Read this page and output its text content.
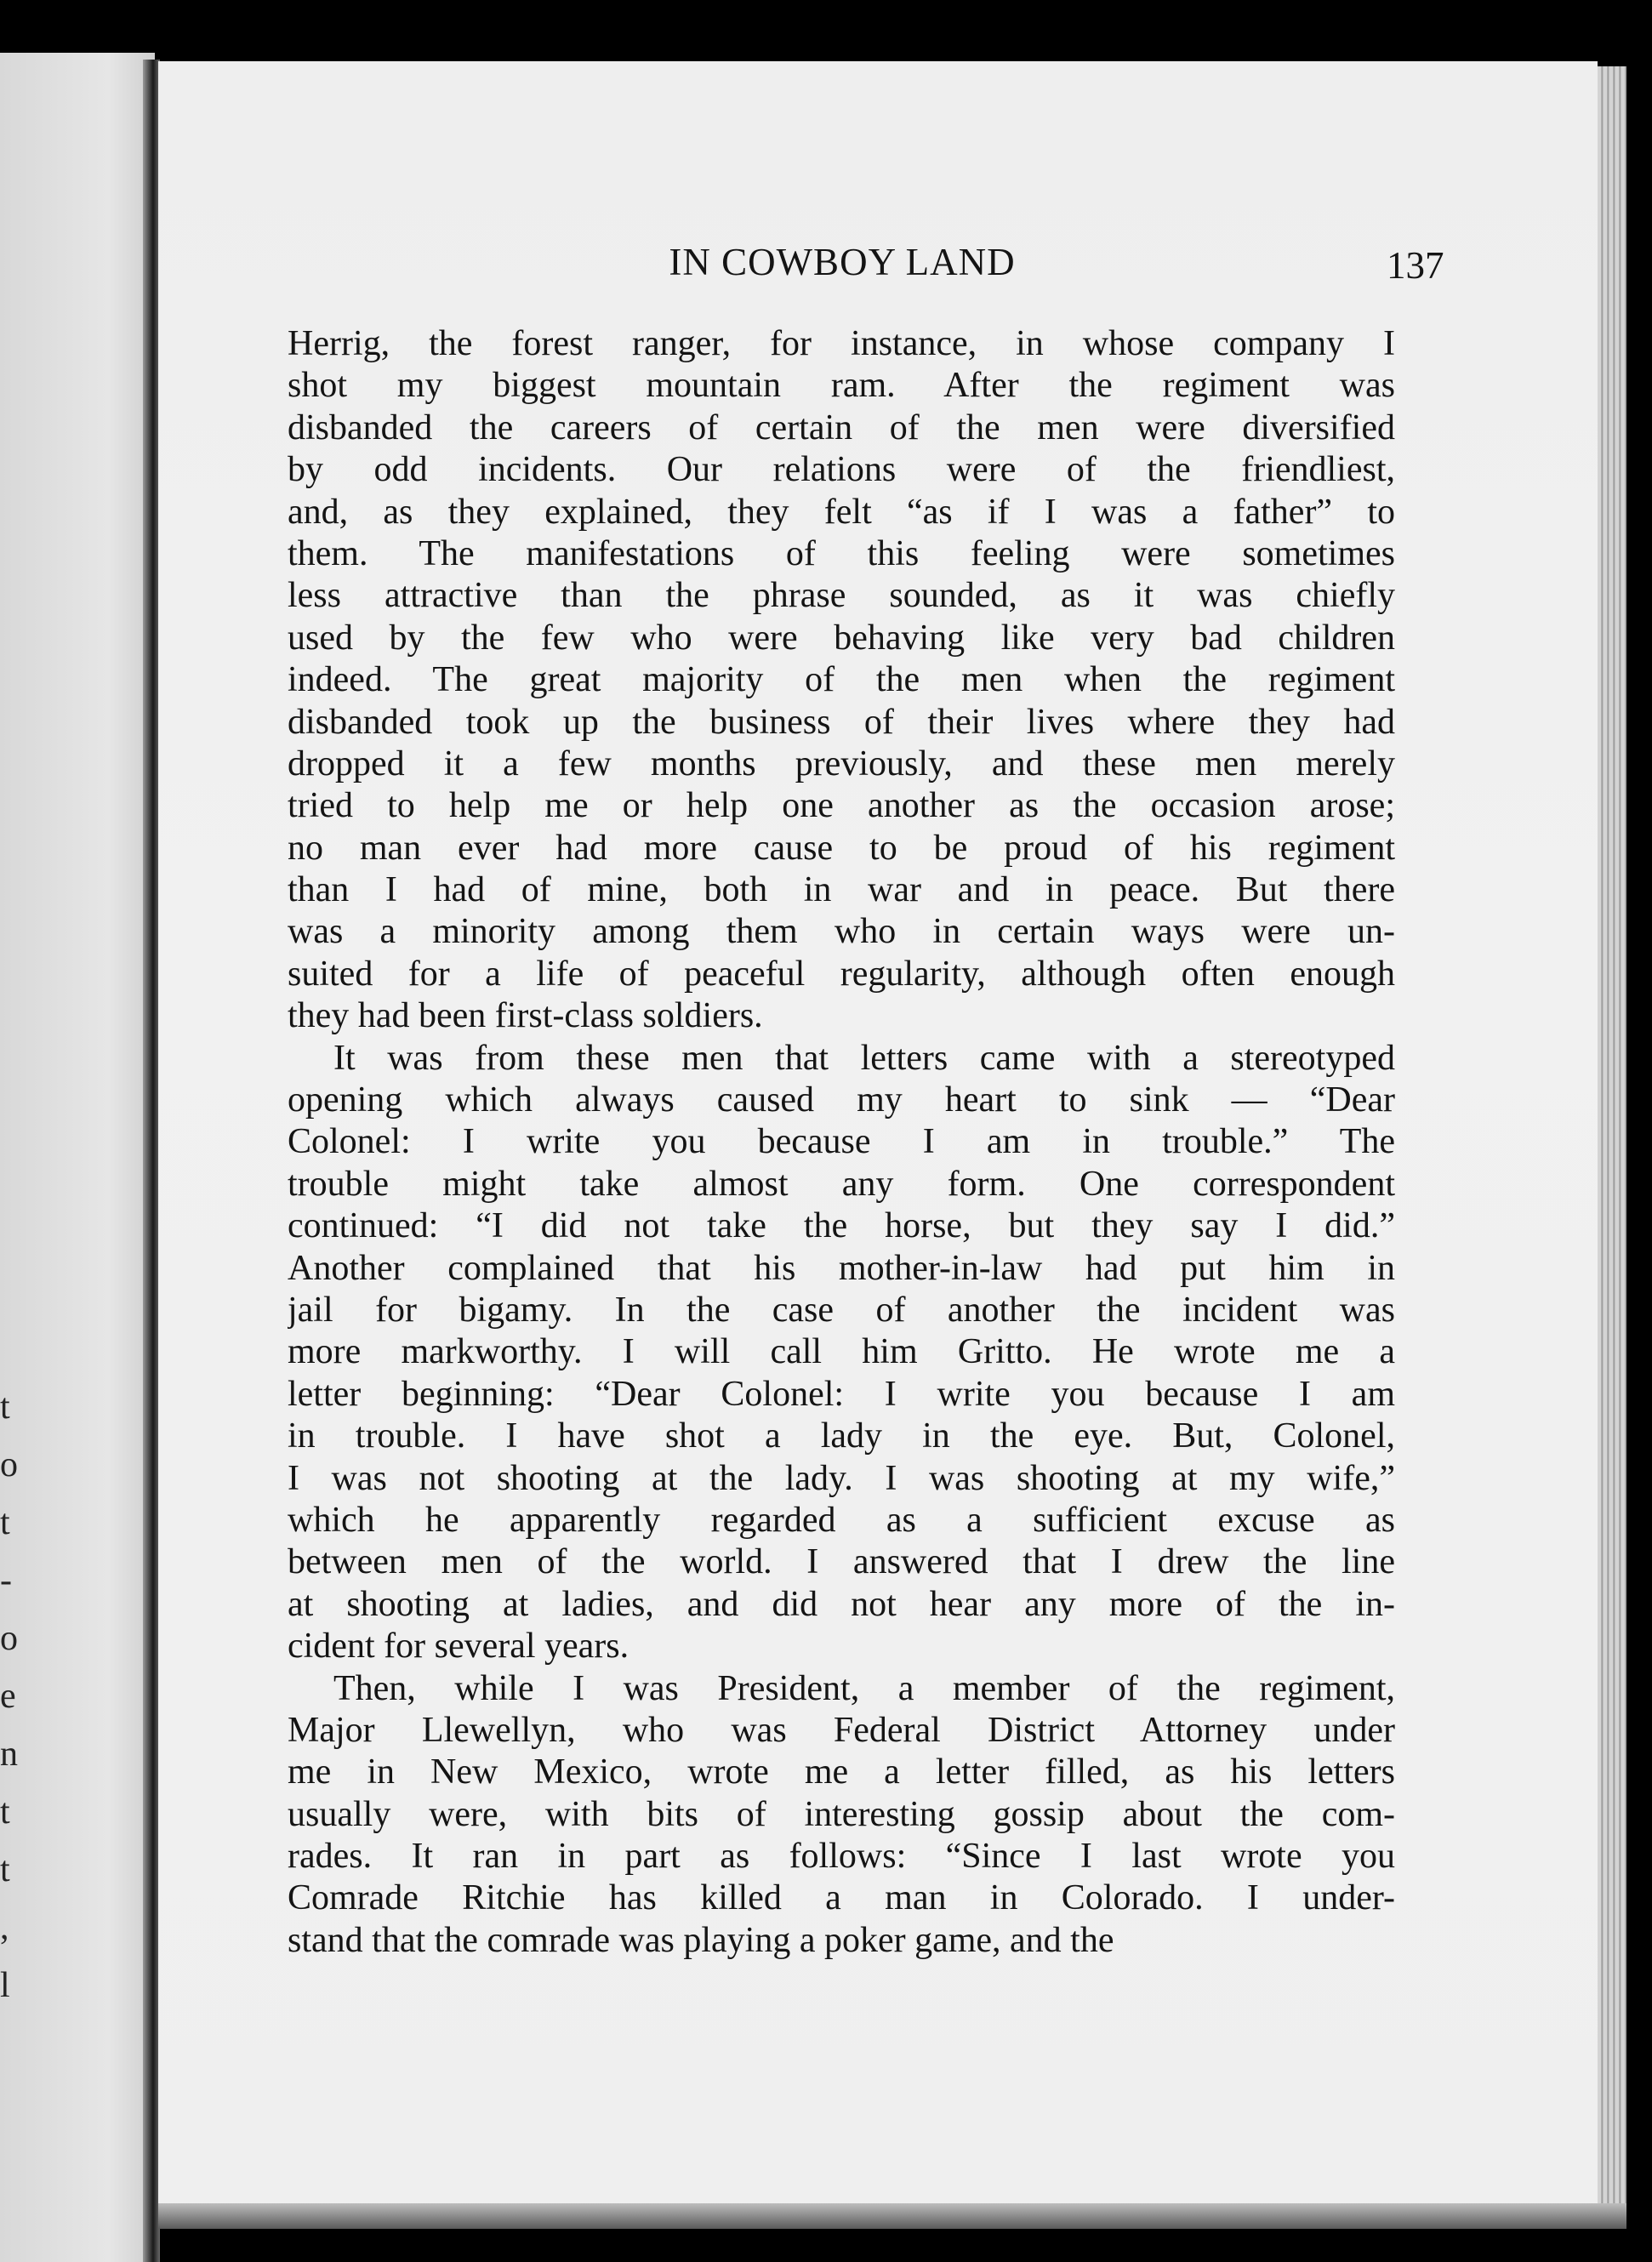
t
o
t
-
o
e
n
t
t
,
l
IN COWBOY LAND	137
Herrig, the forest ranger, for instance, in whose company I
shot my biggest mountain ram. After the regiment was
disbanded the careers of certain of the men were diversified
by odd incidents. Our relations were of the friendliest,
and, as they explained, they felt “as if I was a father” to
them. The manifestations of this feeling were sometimes
less attractive than the phrase sounded, as it was chiefly
used by the few who were behaving like very bad children
indeed. The great majority of the men when the regiment
disbanded took up the business of their lives where they had
dropped it a few months previously, and these men merely
tried to help me or help one another as the occasion arose;
no man ever had more cause to be proud of his regiment
than I had of mine, both in war and in peace. But there
was a minority among them who in certain ways were un-
suited for a life of peaceful regularity, although often enough
they had been first-class soldiers.
It was from these men that letters came with a stereotyped
opening which always caused my heart to sink — “Dear
Colonel: I write you because I am in trouble.” The
trouble might take almost any form. One correspondent
continued: “I did not take the horse, but they say I did.”
Another complained that his mother-in-law had put him in
jail for bigamy. In the case of another the incident was
more markworthy. I will call him Gritto. He wrote me a
letter beginning: “Dear Colonel: I write you because I am
in trouble. I have shot a lady in the eye. But, Colonel,
I was not shooting at the lady. I was shooting at my wife,”
which he apparently regarded as a sufficient excuse as
between men of the world. I answered that I drew the line
at shooting at ladies, and did not hear any more of the in-
cident for several years.
Then, while I was President, a member of the regiment,
Major Llewellyn, who was Federal District Attorney under
me in New Mexico, wrote me a letter filled, as his letters
usually were, with bits of interesting gossip about the com-
rades. It ran in part as follows: “Since I last wrote you
Comrade Ritchie has killed a man in Colorado. I under-
stand that the comrade was playing a poker game, and the
